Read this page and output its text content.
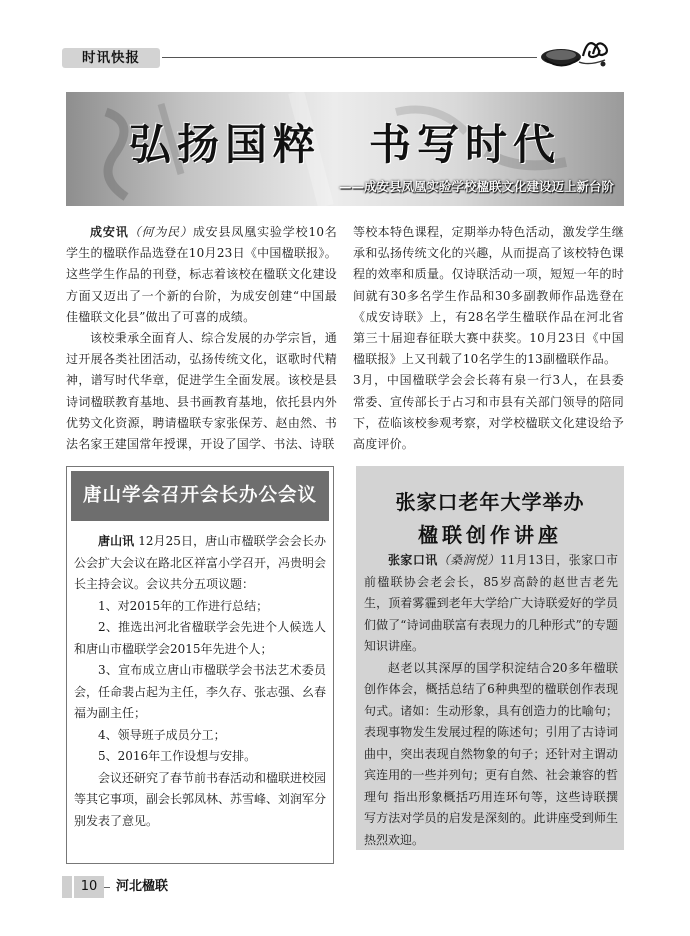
时讯快报
弘扬国粹　书写时代
——成安县凤凰实验学校楹联文化建设迈上新台阶

成安讯（何为民）成安县凤凰实验学校10名学生的楹联作品选登在10月23日《中国楹联报》。这些学生作品的刊登，标志着该校在楹联文化建设方面又迈出了一个新的台阶，为成安创建“中国最佳楹联文化县”做出了可喜的成绩。

该校秉承全面育人、综合发展的办学宗旨，通过开展各类社团活动，弘扬传统文化，讴歌时代精神，谱写时代华章，促进学生全面发展。该校是县诗词楹联教育基地、县书画教育基地，依托县内外优势文化资源，聘请楹联专家张保芳、赵由然、书法名家王建国常年授课，开设了国学、书法、诗联

等校本特色课程，定期举办特色活动，激发学生继承和弘扬传统文化的兴趣，从而提高了该校特色课程的效率和质量。仅诗联活动一项，短短一年的时间就有30多名学生作品和30多副教师作品选登在《成安诗联》上，有28名学生楹联作品在河北省第三十届迎春征联大赛中获奖。10月23日《中国楹联报》上又刊载了10名学生的13副楹联作品。

3月，中国楹联学会会长蒋有泉一行3人，在县委常委、宣传部长于占习和市县有关部门领导的陪同下，莅临该校参观考察，对学校楹联文化建设给予高度评价。

唐山学会召开会长办公会议

唐山讯 12月25日，唐山市楹联学会会长办公会扩大会议在路北区祥富小学召开，冯贵明会长主持会议。会议共分五项议题：

1、对2015年的工作进行总结；

2、推选出河北省楹联学会先进个人候选人和唐山市楹联学会2015年先进个人；

3、宣布成立唐山市楹联学会书法艺术委员会，任命裴占起为主任，李久存、张志强、幺春福为副主任；

4、领导班子成员分工；

5、2016年工作设想与安排。

会议还研究了春节前书春活动和楹联进校园等其它事项，副会长郭凤林、苏雪峰、刘润军分别发表了意见。

张家口老年大学举办
楹联创作讲座

张家口讯（桑润悦）11月13日，张家口市前楹联协会老会长，85岁高龄的赵世吉老先生，顶着雾霾到老年大学给广大诗联爱好的学员们做了“诗词曲联富有表现力的几种形式”的专题知识讲座。

赵老以其深厚的国学积淀结合20多年楹联创作体会，概括总结了6种典型的楹联创作表现句式。诸如：生动形象，具有创造力的比喻句；表现事物发生发展过程的陈述句；引用了古诗词曲中，突出表现自然物象的句子；还针对主谓动宾连用的一些并列句；更有自然、社会兼容的哲理句 指出形象概括巧用连环句等，这些诗联撰写方法对学员的启发是深刻的。此讲座受到师生热烈欢迎。

10	河北楹联
